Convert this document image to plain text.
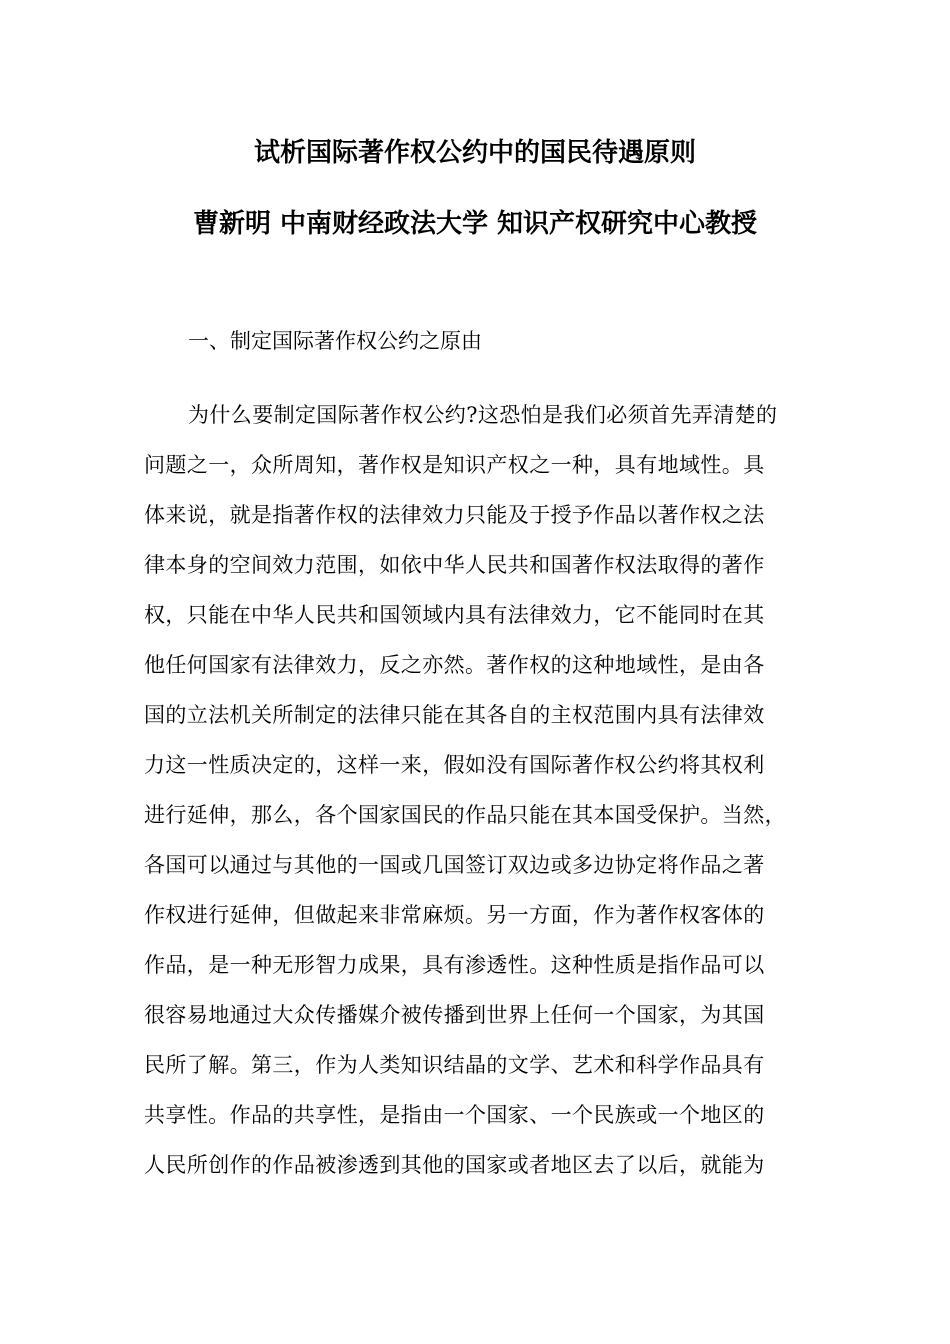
试析国际著作权公约中的国民待遇原则
曹新明 中南财经政法大学 知识产权研究中心教授

一、制定国际著作权公约之原由

为什么要制定国际著作权公约?这恐怕是我们必须首先弄清楚的
问题之一，众所周知，著作权是知识产权之一种，具有地域性。具
体来说，就是指著作权的法律效力只能及于授予作品以著作权之法
律本身的空间效力范围，如依中华人民共和国著作权法取得的著作
权，只能在中华人民共和国领域内具有法律效力，它不能同时在其
他任何国家有法律效力，反之亦然。著作权的这种地域性，是由各
国的立法机关所制定的法律只能在其各自的主权范围内具有法律效
力这一性质决定的，这样一来，假如没有国际著作权公约将其权利
进行延伸，那么，各个国家国民的作品只能在其本国受保护。当然，
各国可以通过与其他的一国或几国签订双边或多边协定将作品之著
作权进行延伸，但做起来非常麻烦。另一方面，作为著作权客体的
作品，是一种无形智力成果，具有渗透性。这种性质是指作品可以
很容易地通过大众传播媒介被传播到世界上任何一个国家，为其国
民所了解。第三，作为人类知识结晶的文学、艺术和科学作品具有
共享性。作品的共享性，是指由一个国家、一个民族或一个地区的
人民所创作的作品被渗透到其他的国家或者地区去了以后，就能为
